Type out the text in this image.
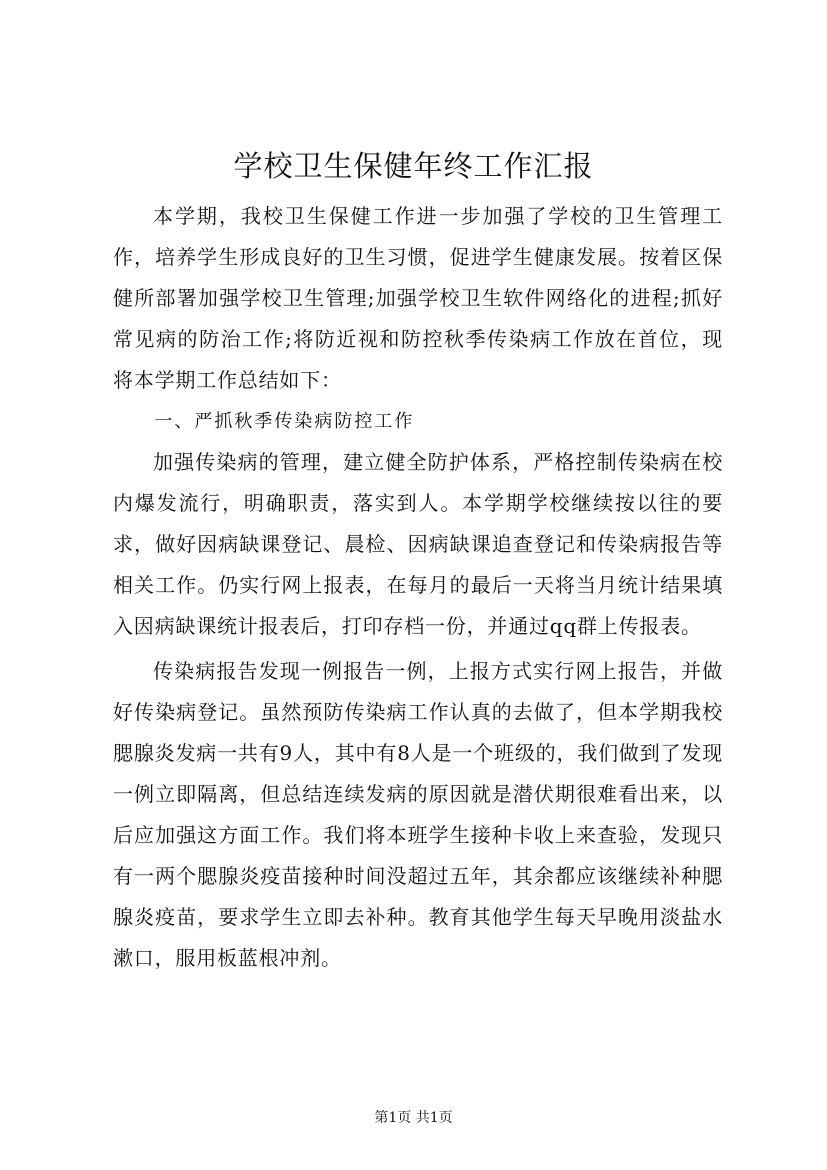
学校卫生保健年终工作汇报

本学期，我校卫生保健工作进一步加强了学校的卫生管理工作，培养学生形成良好的卫生习惯，促进学生健康发展。按着区保健所部署加强学校卫生管理;加强学校卫生软件网络化的进程;抓好常见病的防治工作;将防近视和防控秋季传染病工作放在首位，现将本学期工作总结如下：

一、严抓秋季传染病防控工作

加强传染病的管理，建立健全防护体系，严格控制传染病在校内爆发流行，明确职责，落实到人。本学期学校继续按以往的要求，做好因病缺课登记、晨检、因病缺课追查登记和传染病报告等相关工作。仍实行网上报表，在每月的最后一天将当月统计结果填入因病缺课统计报表后，打印存档一份，并通过qq群上传报表。

传染病报告发现一例报告一例，上报方式实行网上报告，并做好传染病登记。虽然预防传染病工作认真的去做了，但本学期我校腮腺炎发病一共有9人，其中有8人是一个班级的，我们做到了发现一例立即隔离，但总结连续发病的原因就是潜伏期很难看出来，以后应加强这方面工作。我们将本班学生接种卡收上来查验，发现只有一两个腮腺炎疫苗接种时间没超过五年，其余都应该继续补种腮腺炎疫苗，要求学生立即去补种。教育其他学生每天早晚用淡盐水漱口，服用板蓝根冲剂。

第1页 共1页
